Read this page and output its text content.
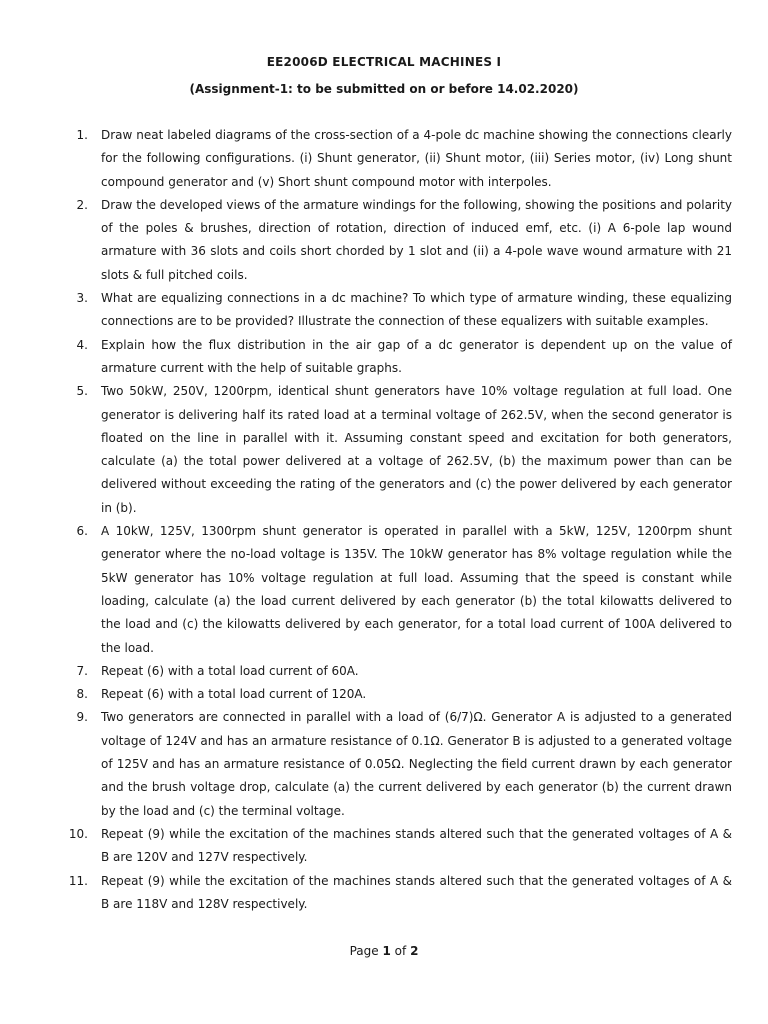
EE2006D ELECTRICAL MACHINES I
(Assignment-1: to be submitted on or before 14.02.2020)
1. Draw neat labeled diagrams of the cross-section of a 4-pole dc machine showing the connections clearly for the following configurations. (i) Shunt generator, (ii) Shunt motor, (iii) Series motor, (iv) Long shunt compound generator and (v) Short shunt compound motor with interpoles.
2. Draw the developed views of the armature windings for the following, showing the positions and polarity of the poles & brushes, direction of rotation, direction of induced emf, etc. (i) A 6-pole lap wound armature with 36 slots and coils short chorded by 1 slot and (ii) a 4-pole wave wound armature with 21 slots & full pitched coils.
3. What are equalizing connections in a dc machine? To which type of armature winding, these equalizing connections are to be provided? Illustrate the connection of these equalizers with suitable examples.
4. Explain how the flux distribution in the air gap of a dc generator is dependent up on the value of armature current with the help of suitable graphs.
5. Two 50kW, 250V, 1200rpm, identical shunt generators have 10% voltage regulation at full load. One generator is delivering half its rated load at a terminal voltage of 262.5V, when the second generator is floated on the line in parallel with it. Assuming constant speed and excitation for both generators, calculate (a) the total power delivered at a voltage of 262.5V, (b) the maximum power than can be delivered without exceeding the rating of the generators and (c) the power delivered by each generator in (b).
6. A 10kW, 125V, 1300rpm shunt generator is operated in parallel with a 5kW, 125V, 1200rpm shunt generator where the no-load voltage is 135V. The 10kW generator has 8% voltage regulation while the 5kW generator has 10% voltage regulation at full load. Assuming that the speed is constant while loading, calculate (a) the load current delivered by each generator (b) the total kilowatts delivered to the load and (c) the kilowatts delivered by each generator, for a total load current of 100A delivered to the load.
7. Repeat (6) with a total load current of 60A.
8. Repeat (6) with a total load current of 120A.
9. Two generators are connected in parallel with a load of (6/7)Ω. Generator A is adjusted to a generated voltage of 124V and has an armature resistance of 0.1Ω. Generator B is adjusted to a generated voltage of 125V and has an armature resistance of 0.05Ω. Neglecting the field current drawn by each generator and the brush voltage drop, calculate (a) the current delivered by each generator (b) the current drawn by the load and (c) the terminal voltage.
10. Repeat (9) while the excitation of the machines stands altered such that the generated voltages of A & B are 120V and 127V respectively.
11. Repeat (9) while the excitation of the machines stands altered such that the generated voltages of A & B are 118V and 128V respectively.
Page 1 of 2
